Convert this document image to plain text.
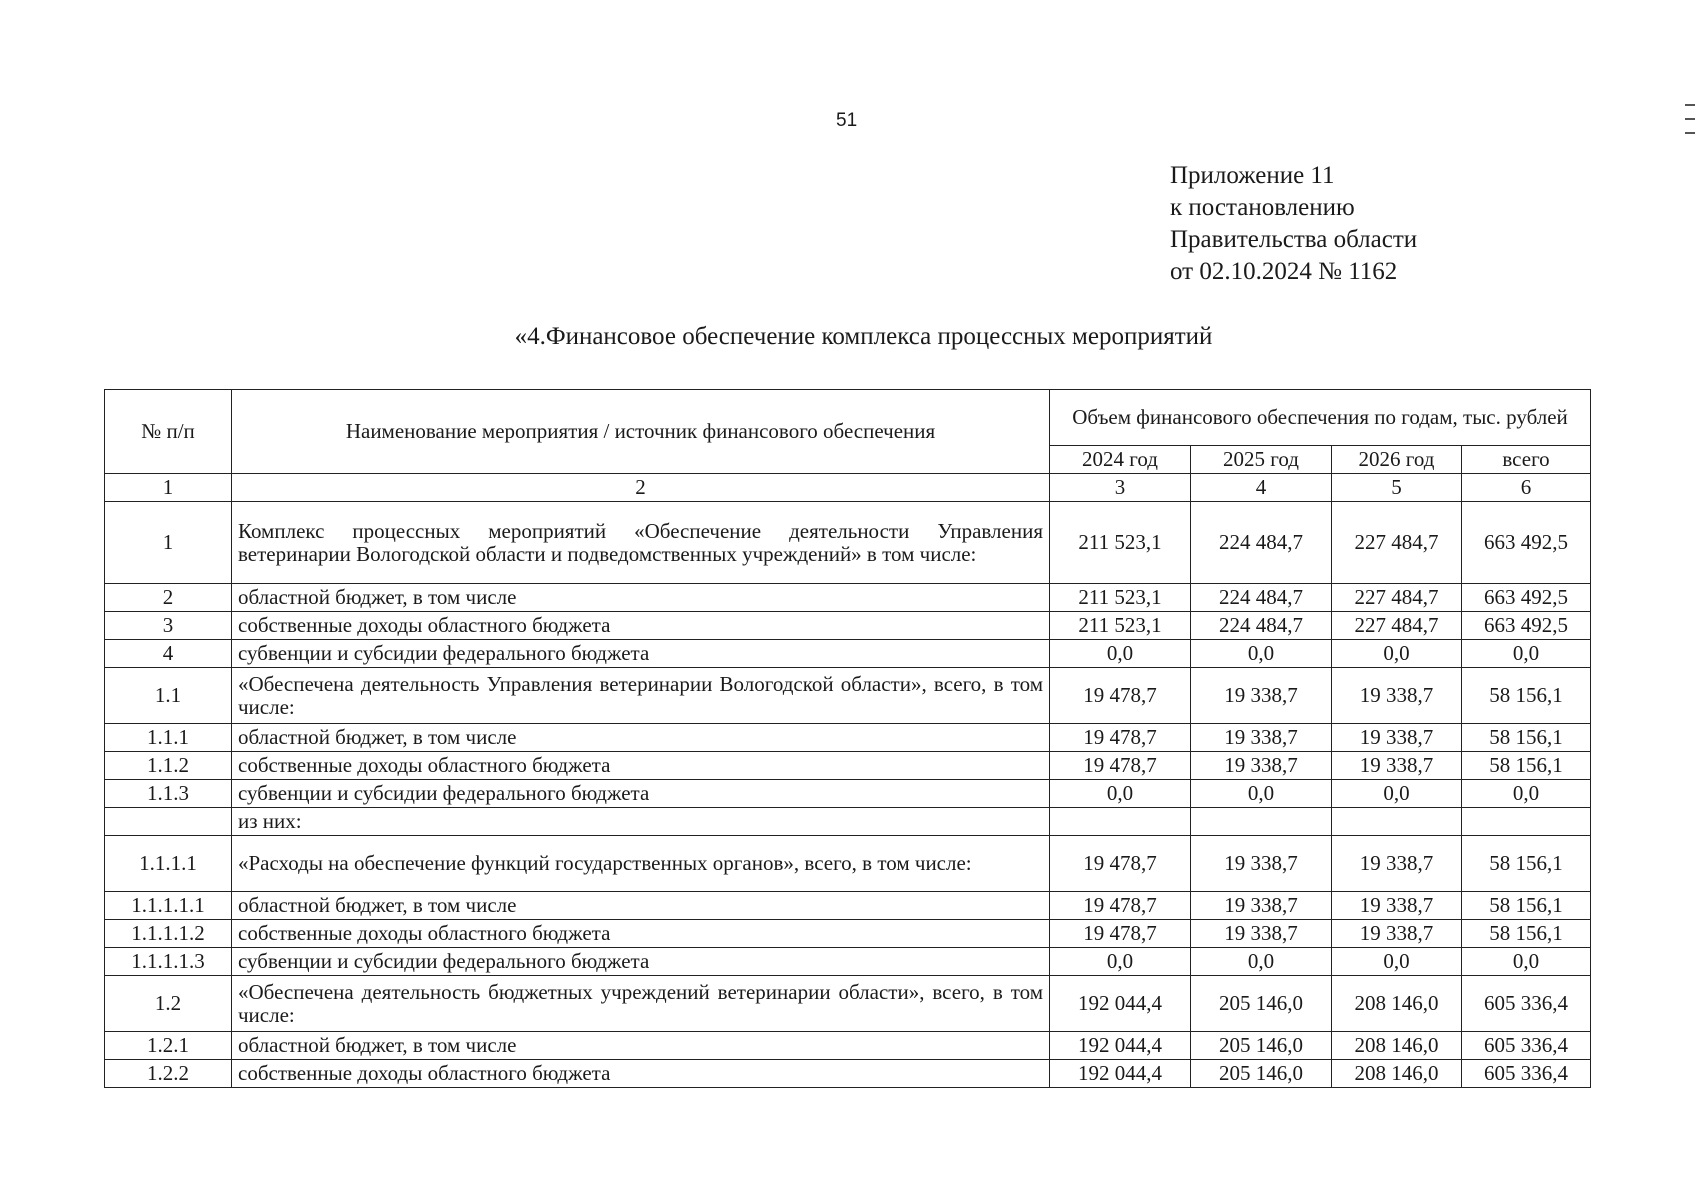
51
Приложение 11
к постановлению
Правительства области
от 02.10.2024 № 1162
«4.Финансовое обеспечение комплекса процессных мероприятий
№ п/п	Наименование мероприятия / источник финансового обеспечения	Объем финансового обеспечения по годам, тыс. рублей			
		2024 год	2025 год	2026 год	всего
1	2	3	4	5	6
1	Комплекс процессных мероприятий «Обеспечение деятельности Управления ветеринарии Вологодской области и подведомственных учреждений» в том числе:	211 523,1	224 484,7	227 484,7	663 492,5
2	областной бюджет, в том числе	211 523,1	224 484,7	227 484,7	663 492,5
3	собственные доходы областного бюджета	211 523,1	224 484,7	227 484,7	663 492,5
4	субвенции и субсидии федерального бюджета	0,0	0,0	0,0	0,0
1.1	«Обеспечена деятельность Управления ветеринарии Вологодской области», всего, в том числе:	19 478,7	19 338,7	19 338,7	58 156,1
1.1.1	областной бюджет, в том числе	19 478,7	19 338,7	19 338,7	58 156,1
1.1.2	собственные доходы областного бюджета	19 478,7	19 338,7	19 338,7	58 156,1
1.1.3	субвенции и субсидии федерального бюджета	0,0	0,0	0,0	0,0
	из них:				
1.1.1.1	«Расходы на обеспечение функций государственных органов», всего, в том числе:	19 478,7	19 338,7	19 338,7	58 156,1
1.1.1.1.1	областной бюджет, в том числе	19 478,7	19 338,7	19 338,7	58 156,1
1.1.1.1.2	собственные доходы областного бюджета	19 478,7	19 338,7	19 338,7	58 156,1
1.1.1.1.3	субвенции и субсидии федерального бюджета	0,0	0,0	0,0	0,0
1.2	«Обеспечена деятельность бюджетных учреждений ветеринарии области», всего, в том числе:	192 044,4	205 146,0	208 146,0	605 336,4
1.2.1	областной бюджет, в том числе	192 044,4	205 146,0	208 146,0	605 336,4
1.2.2	собственные доходы областного бюджета	192 044,4	205 146,0	208 146,0	605 336,4
